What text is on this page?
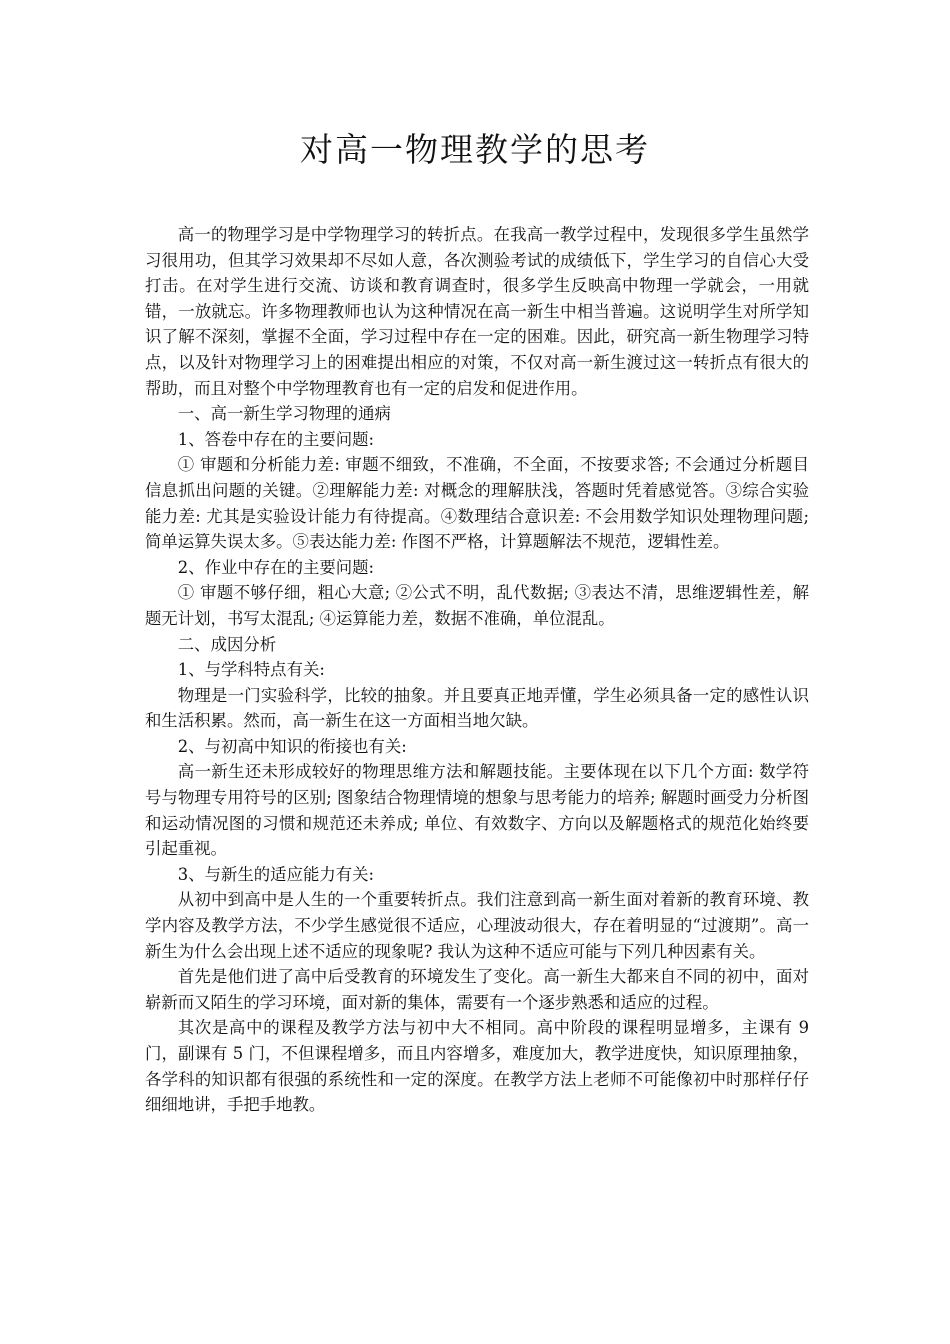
对高一物理教学的思考

高一的物理学习是中学物理学习的转折点。在我高一教学过程中，发现很多学生虽然学习很用功，但其学习效果却不尽如人意，各次测验考试的成绩低下，学生学习的自信心大受打击。在对学生进行交流、访谈和教育调查时，很多学生反映高中物理一学就会，一用就错，一放就忘。许多物理教师也认为这种情况在高一新生中相当普遍。这说明学生对所学知识了解不深刻，掌握不全面，学习过程中存在一定的困难。因此，研究高一新生物理学习特点，以及针对物理学习上的困难提出相应的对策，不仅对高一新生渡过这一转折点有很大的帮助，而且对整个中学物理教育也有一定的启发和促进作用。

一、高一新生学习物理的通病

1、答卷中存在的主要问题:

① 审题和分析能力差: 审题不细致，不准确，不全面，不按要求答; 不会通过分析题目信息抓出问题的关键。②理解能力差: 对概念的理解肤浅，答题时凭着感觉答。③综合实验能力差: 尤其是实验设计能力有待提高。④数理结合意识差: 不会用数学知识处理物理问题; 简单运算失误太多。⑤表达能力差: 作图不严格，计算题解法不规范，逻辑性差。

2、作业中存在的主要问题:

① 审题不够仔细，粗心大意; ②公式不明，乱代数据; ③表达不清，思维逻辑性差，解题无计划，书写太混乱; ④运算能力差，数据不准确，单位混乱。

二、成因分析

1、与学科特点有关:

物理是一门实验科学，比较的抽象。并且要真正地弄懂，学生必须具备一定的感性认识和生活积累。然而，高一新生在这一方面相当地欠缺。

2、与初高中知识的衔接也有关:

高一新生还未形成较好的物理思维方法和解题技能。主要体现在以下几个方面: 数学符号与物理专用符号的区别; 图象结合物理情境的想象与思考能力的培养; 解题时画受力分析图和运动情况图的习惯和规范还未养成; 单位、有效数字、方向以及解题格式的规范化始终要引起重视。

3、与新生的适应能力有关:

从初中到高中是人生的一个重要转折点。我们注意到高一新生面对着新的教育环境、教学内容及教学方法，不少学生感觉很不适应，心理波动很大，存在着明显的“过渡期”。高一新生为什么会出现上述不适应的现象呢? 我认为这种不适应可能与下列几种因素有关。

首先是他们进了高中后受教育的环境发生了变化。高一新生大都来自不同的初中，面对崭新而又陌生的学习环境，面对新的集体，需要有一个逐步熟悉和适应的过程。

其次是高中的课程及教学方法与初中大不相同。高中阶段的课程明显增多，主课有 9 门，副课有 5 门，不但课程增多，而且内容增多，难度加大，教学进度快，知识原理抽象，各学科的知识都有很强的系统性和一定的深度。在教学方法上老师不可能像初中时那样仔仔细细地讲，手把手地教。
